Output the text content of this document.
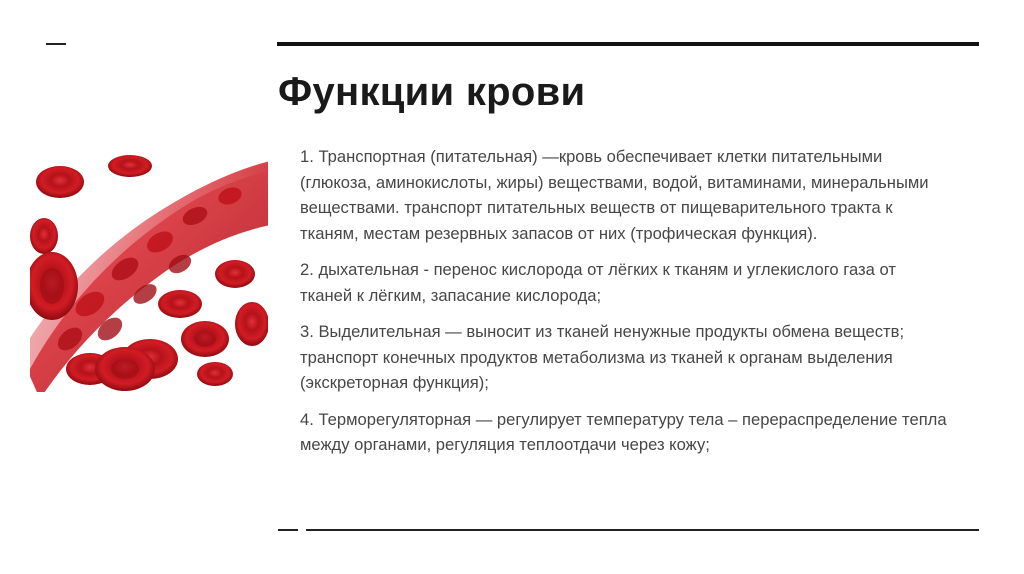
Функции крови

1. Транспортная (питательная) —кровь обеспечивает клетки питательными (глюкоза, аминокислоты, жиры) веществами, водой, витаминами, минеральными веществами. транспорт питательных веществ от пищеварительного тракта к тканям, местам резервных запасов от них (трофическая функция).

2. дыхательная - перенос кислорода от лёгких к тканям и углекислого газа от тканей к лёгким, запасание кислорода;

3. Выделительная — выносит из тканей ненужные продукты обмена веществ; транспорт конечных продуктов метаболизма из тканей к органам выделения (экскреторная функция);

4. Терморегуляторная — регулирует температуру тела – перераспределение тепла между органами, регуляция теплоотдачи через кожу;
